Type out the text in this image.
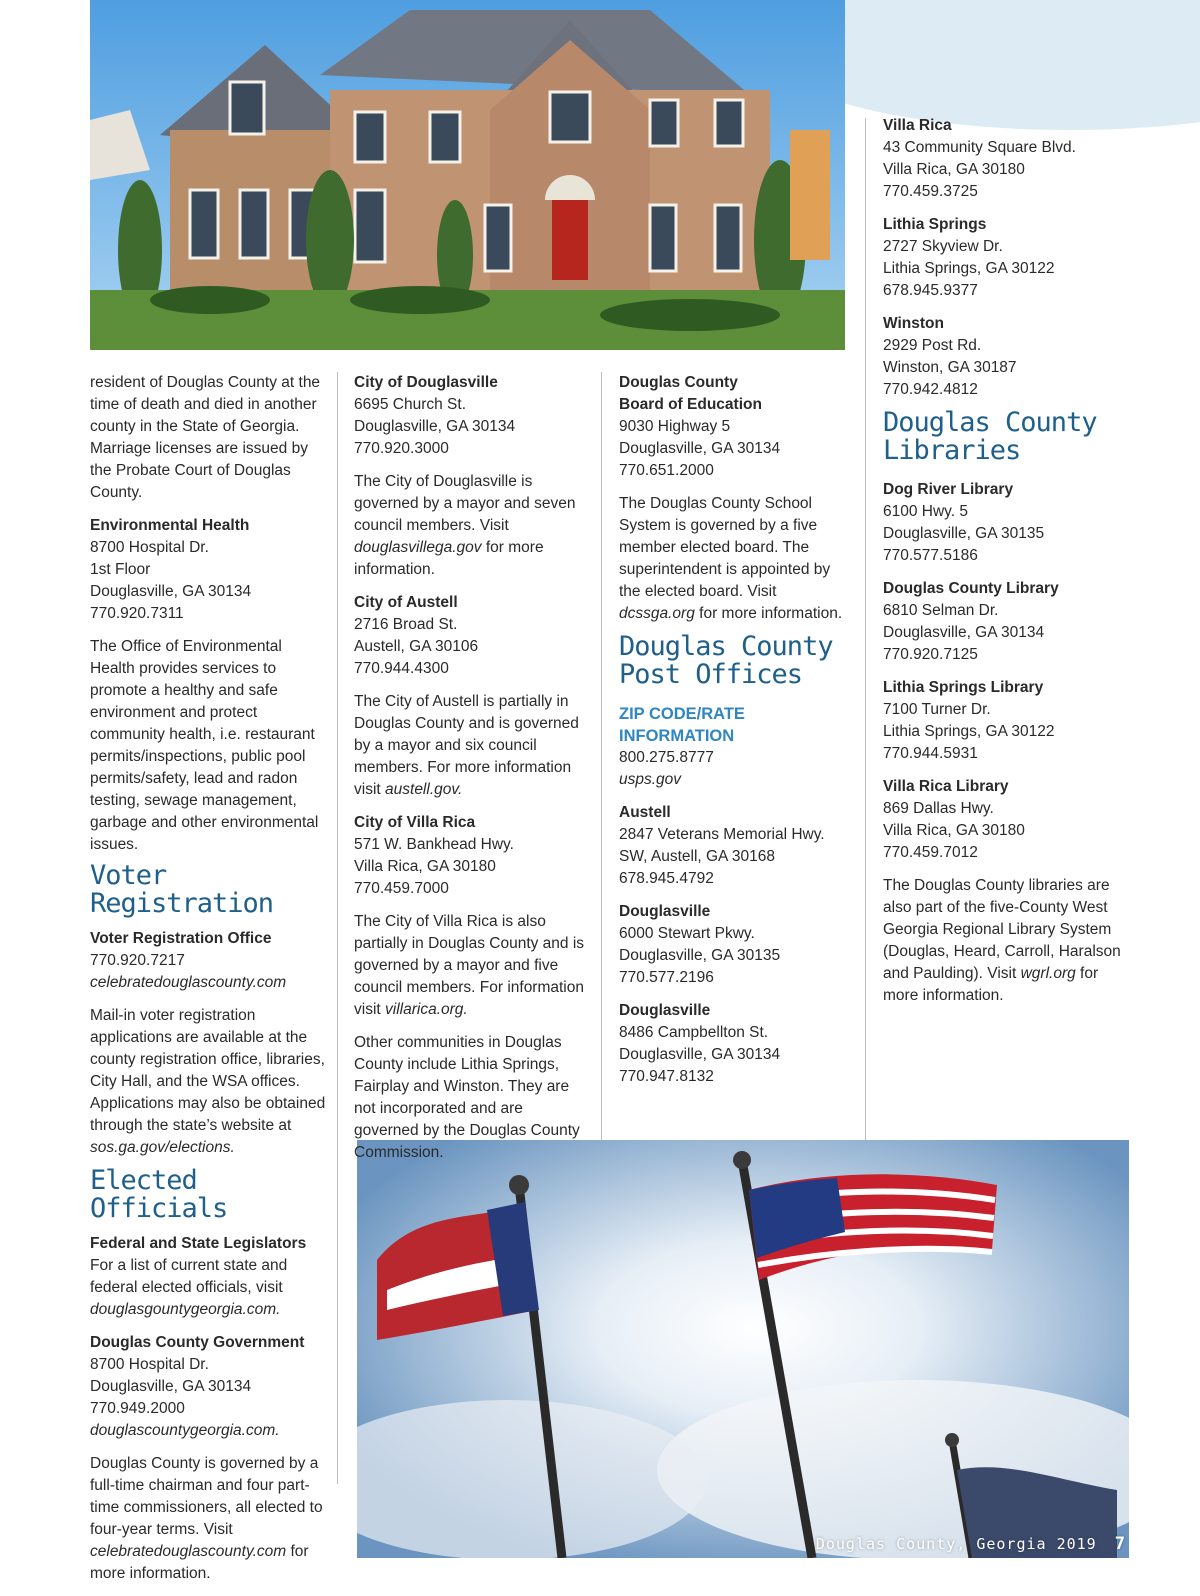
resident of Douglas County at the time of death and died in another county in the State of Georgia. Marriage licenses are issued by the Probate Court of Douglas County.

Environmental Health
8700 Hospital Dr.
1st Floor
Douglasville, GA 30134
770.920.7311

The Office of Environmental Health provides services to promote a healthy and safe environment and protect community health, i.e. restaurant permits/inspections, public pool permits/safety, lead and radon testing, sewage management, garbage and other environmental issues.

Voter Registration
Voter Registration Office
770.920.7217
celebratedouglascounty.com

Mail-in voter registration applications are available at the county registration office, libraries, City Hall, and the WSA offices. Applications may also be obtained through the state’s website at sos.ga.gov/elections.

Elected Officials
Federal and State Legislators
For a list of current state and federal elected officials, visit
douglasgountygeorgia.com.
Douglas County Government
8700 Hospital Dr.
Douglasville, GA 30134
770.949.2000
douglascountygeorgia.com.

Douglas County is governed by a full-time chairman and four part-time commissioners, all elected to four-year terms. Visit celebratedouglascounty.com for more information.

City of Douglasville
6695 Church St.
Douglasville, GA 30134
770.920.3000

The City of Douglasville is governed by a mayor and seven council members. Visit douglasvillega.gov for more information.

City of Austell
2716 Broad St.
Austell, GA 30106
770.944.4300

The City of Austell is partially in Douglas County and is governed by a mayor and six council members. For more information visit austell.gov.

City of Villa Rica
571 W. Bankhead Hwy.
Villa Rica, GA 30180
770.459.7000

The City of Villa Rica is also partially in Douglas County and is governed by a mayor and five council members. For information visit villarica.org.

Other communities in Douglas County include Lithia Springs, Fairplay and Winston. They are not incorporated and are governed by the Douglas County Commission.

Douglas County
Board of Education
9030 Highway 5
Douglasville, GA 30134
770.651.2000

The Douglas County School System is governed by a five member elected board. The superintendent is appointed by the elected board. Visit dcssga.org for more information.

Douglas County
Post Offices

ZIP CODE/RATE

INFORMATION

800.275.8777
usps.gov
Austell
2847 Veterans Memorial Hwy.
SW, Austell, GA 30168
678.945.4792
Douglasville
6000 Stewart Pkwy.
Douglasville, GA 30135
770.577.2196
Douglasville
8486 Campbellton St.
Douglasville, GA 30134
770.947.8132
Villa Rica
43 Community Square Blvd.
Villa Rica, GA 30180
770.459.3725
Lithia Springs
2727 Skyview Dr.
Lithia Springs, GA 30122
678.945.9377
Winston
2929 Post Rd.
Winston, GA 30187
770.942.4812
Douglas County
Libraries
Dog River Library
6100 Hwy. 5
Douglasville, GA 30135
770.577.5186
Douglas County Library
6810 Selman Dr.
Douglasville, GA 30134
770.920.7125
Lithia Springs Library
7100 Turner Dr.
Lithia Springs, GA 30122
770.944.5931
Villa Rica Library
869 Dallas Hwy.
Villa Rica, GA 30180
770.459.7012

The Douglas County libraries are also part of the five-County West Georgia Regional Library System (Douglas, Heard, Carroll, Haralson and Paulding). Visit wgrl.org for more information.

Douglas County, Georgia 2019 7
